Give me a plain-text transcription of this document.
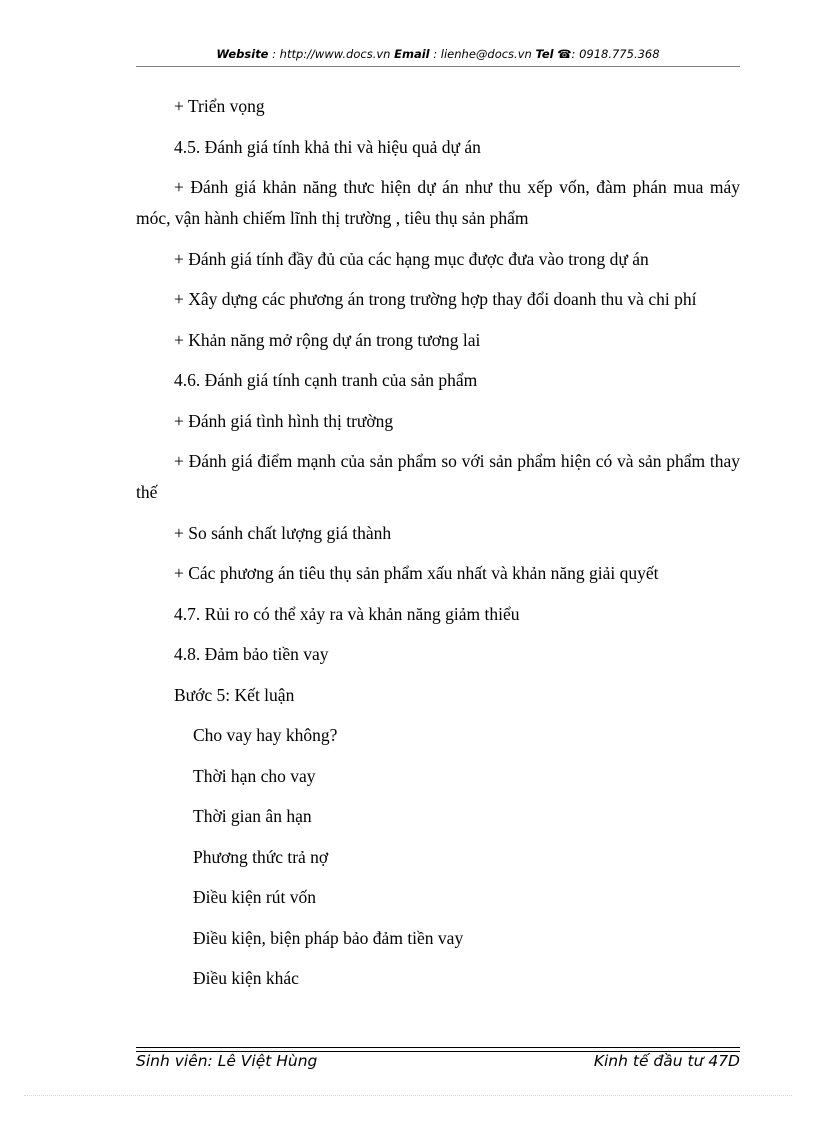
Website : http://www.docs.vn Email : lienhe@docs.vn Tel ☎: 0918.775.368

+ Triển vọng

4.5. Đánh giá tính khả thi và hiệu quả dự án

+ Đánh giá khản năng thưc hiện dự án như thu xếp vốn, đàm phán mua máy móc, vận hành chiếm lĩnh thị trường , tiêu thụ sản phẩm

+ Đánh giá tính đầy đủ của các hạng mục được đưa vào trong dự án

+ Xây dựng các phương án trong trường hợp thay đổi doanh thu và chi phí

+ Khản năng mở rộng dự án trong tương lai

4.6. Đánh giá tính cạnh tranh của sản phẩm

+ Đánh giá tình hình thị trường

+ Đánh giá điểm mạnh của sản phẩm so với sản phẩm hiện có và sản phẩm thay thế

+ So sánh chất lượng giá thành

+ Các phương án tiêu thụ sản phẩm xấu nhất và khản năng giải quyết

4.7. Rủi ro có thể xảy ra và khản năng giảm thiểu

4.8. Đảm bảo tiền vay

Bước 5: Kết luận

Cho vay hay không?

Thời hạn cho vay

Thời gian ân hạn

Phương thức trả nợ

Điều kiện rút vốn

Điều kiện, biện pháp bảo đảm tiền vay

Điều kiện khác

Sinh viên: Lê Việt Hùng	Kinh tế đầu tư 47D
